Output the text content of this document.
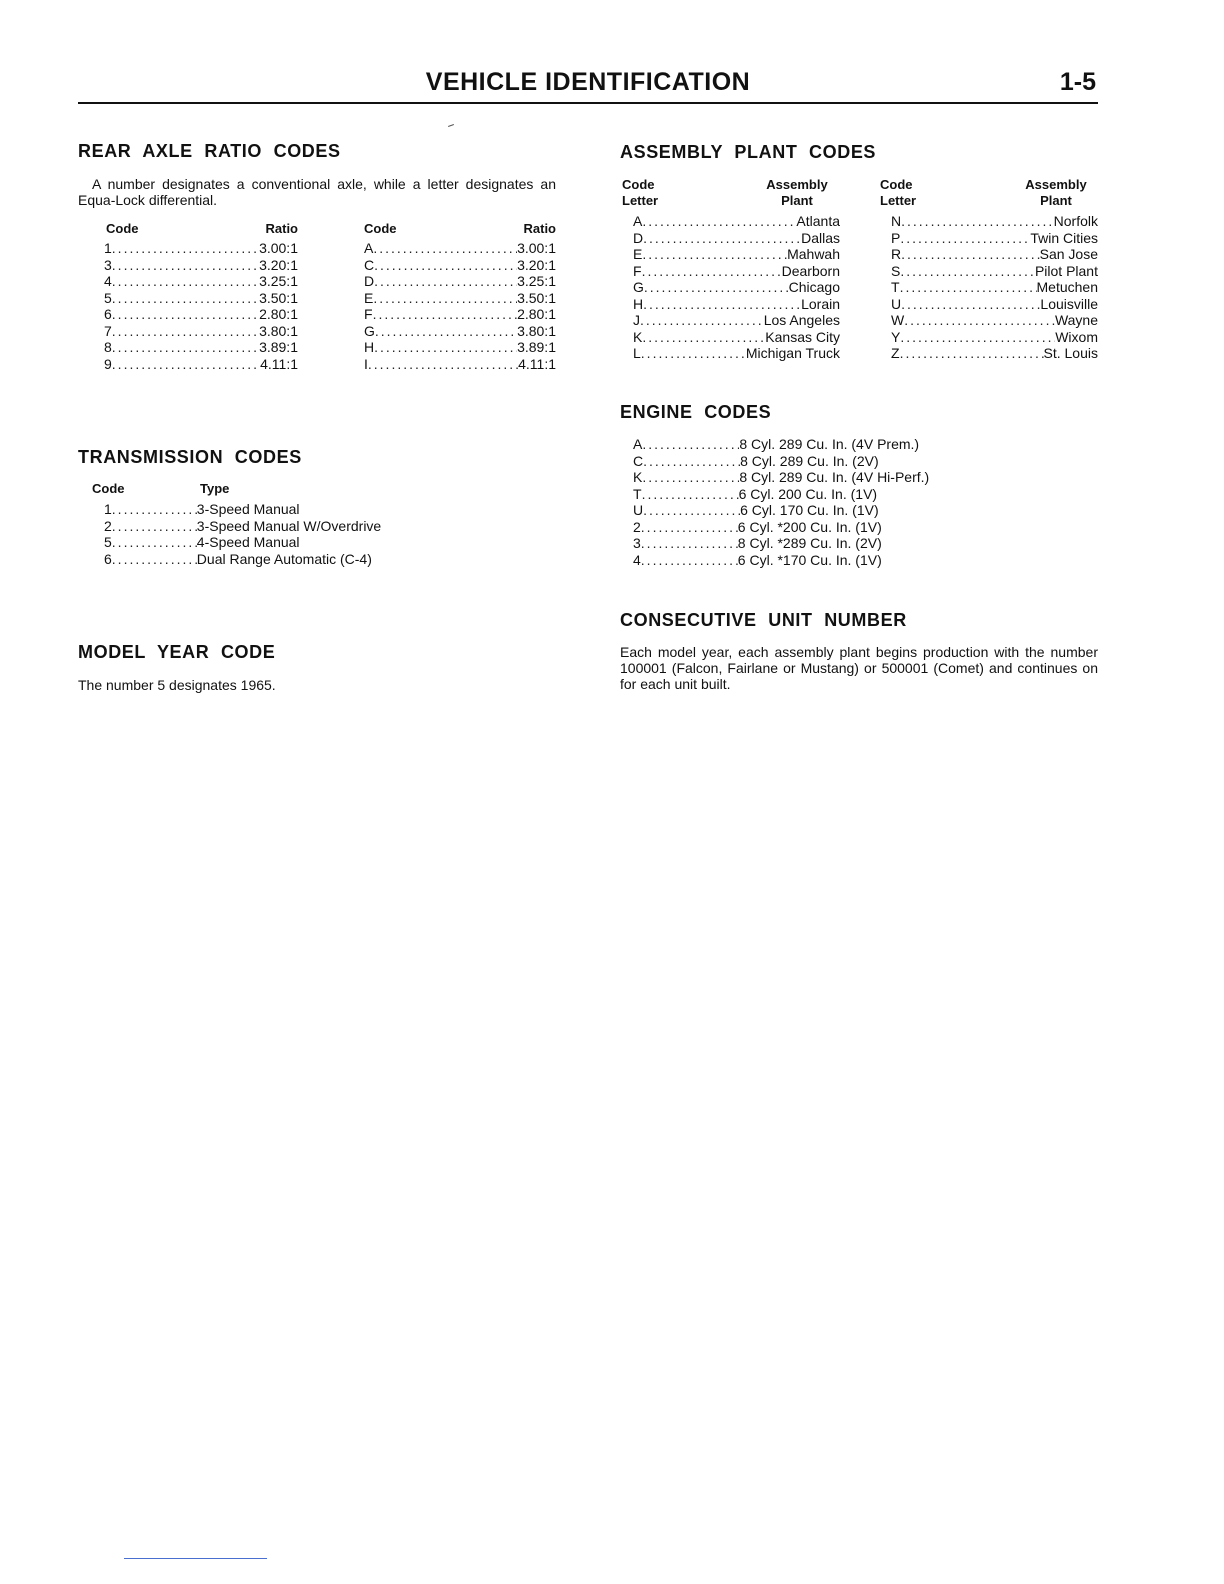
VEHICLE IDENTIFICATION	1-5
REAR AXLE RATIO CODES
A number designates a conventional axle, while a letter designates an Equa-Lock differential.
Code	Ratio	Code	Ratio
1 .....	3.00:1
3 .....	3.20:1
4 .....	3.25:1
5 .....	3.50:1
6 .....	2.80:1
7 .....	3.80:1
8 .....	3.89:1
9 .....	4.11:1
A .....	3.00:1
C .....	3.20:1
D .....	3.25:1
E .....	3.50:1
F .....	2.80:1
G .....	3.80:1
H .....	3.89:1
I .....	4.11:1
TRANSMISSION CODES
Code	Type
1 .....	3-Speed Manual
2 .....	3-Speed Manual W/Overdrive
5 .....	4-Speed Manual
6 .....	Dual Range Automatic (C-4)
MODEL YEAR CODE
The number 5 designates 1965.
ASSEMBLY PLANT CODES
Code
Letter
Assembly
Plant
Code
Letter
Assembly
Plant
A .....	Atlanta
D .....	Dallas
E .....	Mahwah
F .....	Dearborn
G .....	Chicago
H .....	Lorain
J .....	Los Angeles
K .....	Kansas City
L .....	Michigan Truck
N .....	Norfolk
P .....	Twin Cities
R .....	San Jose
S .....	Pilot Plant
T .....	Metuchen
U .....	Louisville
W .....	Wayne
Y .....	Wixom
Z .....	St. Louis
ENGINE CODES
A .....	8 Cyl. 289 Cu. In. (4V Prem.)
C .....	8 Cyl. 289 Cu. In. (2V)
K .....	8 Cyl. 289 Cu. In. (4V Hi-Perf.)
T .....	6 Cyl. 200 Cu. In. (1V)
U .....	6 Cyl. 170 Cu. In. (1V)
2 .....	6 Cyl. *200 Cu. In. (1V)
3 .....	8 Cyl. *289 Cu. In. (2V)
4 .....	6 Cyl. *170 Cu. In. (1V)
CONSECUTIVE UNIT NUMBER
Each model year, each assembly plant begins production with the number 100001 (Falcon, Fairlane or Mustang) or 500001 (Comet) and continues on for each unit built.
